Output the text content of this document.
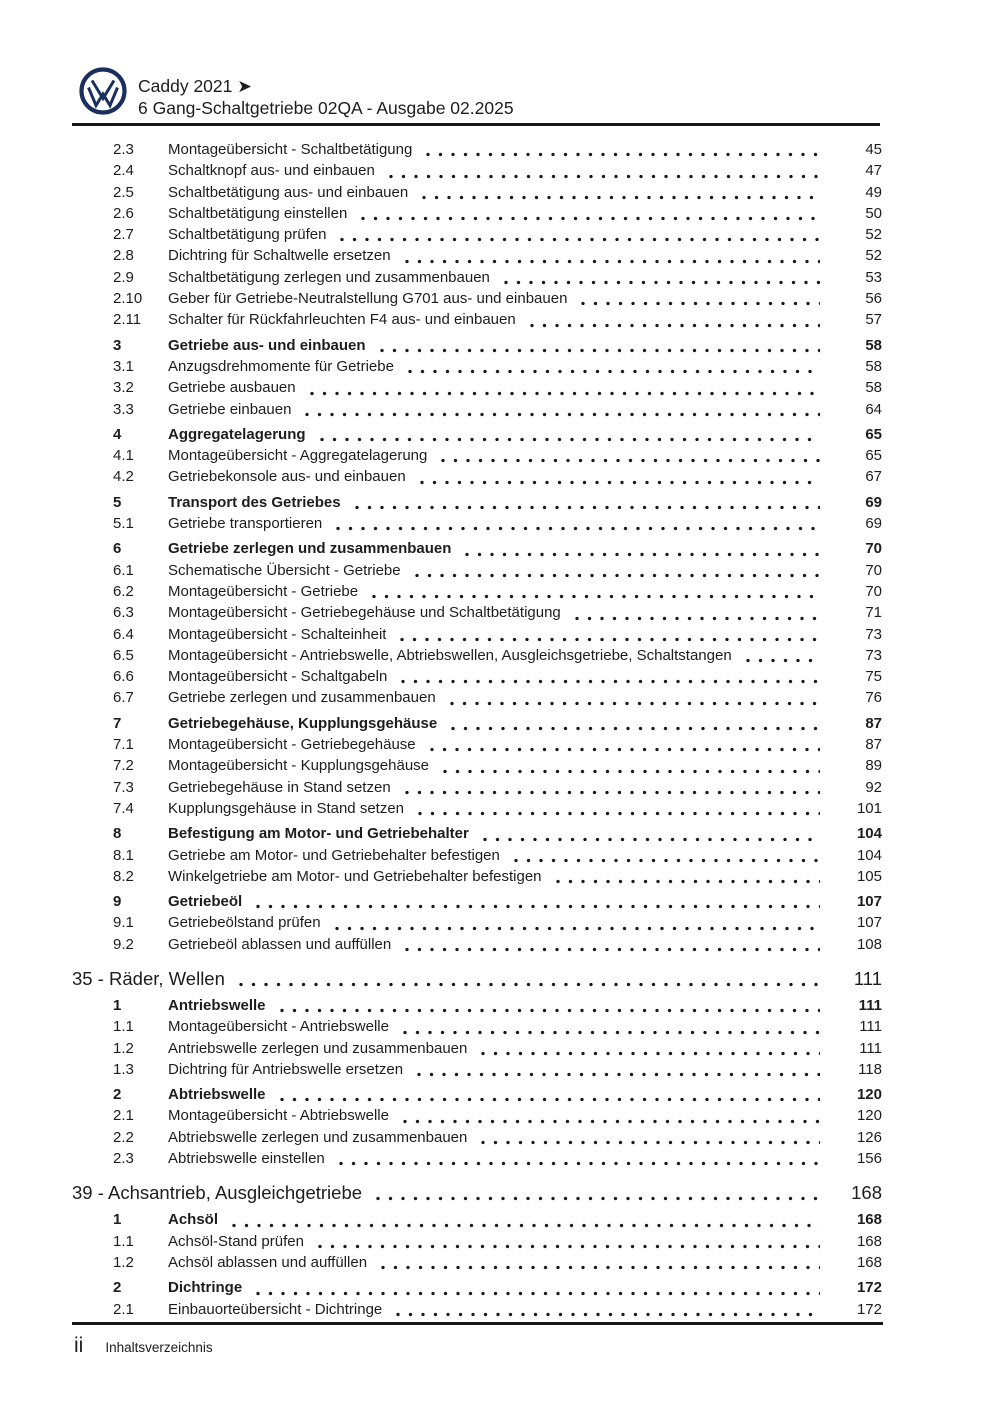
Caddy 2021 ➤
6 Gang-Schaltgetriebe 02QA - Ausgabe 02.2025
2.3	Montageübersicht - Schaltbetätigung	45
2.4	Schaltknopf aus- und einbauen	47
2.5	Schaltbetätigung aus- und einbauen	49
2.6	Schaltbetätigung einstellen	50
2.7	Schaltbetätigung prüfen	52
2.8	Dichtring für Schaltwelle ersetzen	52
2.9	Schaltbetätigung zerlegen und zusammenbauen	53
2.10	Geber für Getriebe-Neutralstellung G701 aus- und einbauen	56
2.11	Schalter für Rückfahrleuchten F4 aus- und einbauen	57
3	Getriebe aus- und einbauen	58
3.1	Anzugsdrehmomente für Getriebe	58
3.2	Getriebe ausbauen	58
3.3	Getriebe einbauen	64
4	Aggregatelagerung	65
4.1	Montageübersicht - Aggregatelagerung	65
4.2	Getriebekonsole aus- und einbauen	67
5	Transport des Getriebes	69
5.1	Getriebe transportieren	69
6	Getriebe zerlegen und zusammenbauen	70
6.1	Schematische Übersicht - Getriebe	70
6.2	Montageübersicht - Getriebe	70
6.3	Montageübersicht - Getriebegehäuse und Schaltbetätigung	71
6.4	Montageübersicht - Schalteinheit	73
6.5	Montageübersicht - Antriebswelle, Abtriebswellen, Ausgleichsgetriebe, Schaltstangen	73
6.6	Montageübersicht - Schaltgabeln	75
6.7	Getriebe zerlegen und zusammenbauen	76
7	Getriebegehäuse, Kupplungsgehäuse	87
7.1	Montageübersicht - Getriebegehäuse	87
7.2	Montageübersicht - Kupplungsgehäuse	89
7.3	Getriebegehäuse in Stand setzen	92
7.4	Kupplungsgehäuse in Stand setzen	101
8	Befestigung am Motor- und Getriebehalter	104
8.1	Getriebe am Motor- und Getriebehalter befestigen	104
8.2	Winkelgetriebe am Motor- und Getriebehalter befestigen	105
9	Getriebeöl	107
9.1	Getriebeölstand prüfen	107
9.2	Getriebeöl ablassen und auffüllen	108
35 - Räder, Wellen	111
1	Antriebswelle	111
1.1	Montageübersicht - Antriebswelle	111
1.2	Antriebswelle zerlegen und zusammenbauen	111
1.3	Dichtring für Antriebswelle ersetzen	118
2	Abtriebswelle	120
2.1	Montageübersicht - Abtriebswelle	120
2.2	Abtriebswelle zerlegen und zusammenbauen	126
2.3	Abtriebswelle einstellen	156
39 - Achsantrieb, Ausgleichgetriebe	168
1	Achsöl	168
1.1	Achsöl-Stand prüfen	168
1.2	Achsöl ablassen und auffüllen	168
2	Dichtringe	172
2.1	Einbauorteübersicht - Dichtringe	172
ii Inhaltsverzeichnis
